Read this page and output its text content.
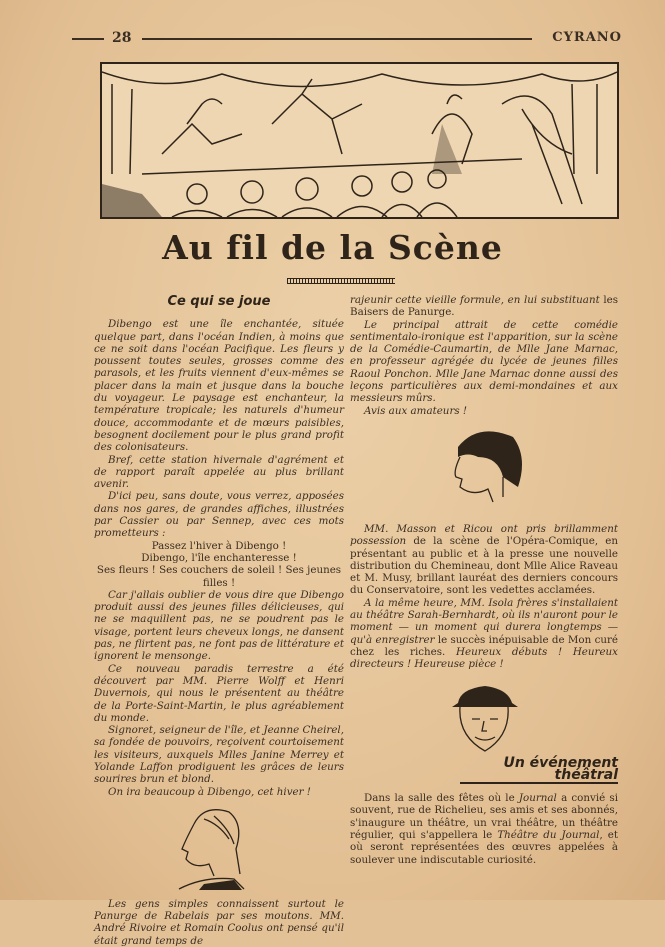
28	CYRANO
Au fil de la Scène
Ce qui se joue

Dibengo est une île enchantée, située quelque part, dans l'océan Indien, à moins que ce ne soit dans l'océan Pacifique. Les fleurs y poussent toutes seules, grosses comme des parasols, et les fruits viennent d'eux-mêmes se placer dans la main et jusque dans la bouche du voyageur. Le paysage est enchanteur, la température tropicale; les naturels d'humeur douce, accommodante et de mœurs paisibles, besognent docilement pour le plus grand profit des colonisateurs.

Bref, cette station hivernale d'agrément et de rapport paraît appelée au plus brillant avenir.

D'ici peu, sans doute, vous verrez, apposées dans nos gares, de grandes affiches, illustrées par Cassier ou par Sennep, avec ces mots prometteurs :

Passez l'hiver à Dibengo !

Dibengo, l'île enchanteresse !

Ses fleurs ! Ses couchers de soleil ! Ses jeunes filles !

Car j'allais oublier de vous dire que Dibengo produit aussi des jeunes filles délicieuses, qui ne se maquillent pas, ne se poudrent pas le visage, portent leurs cheveux longs, ne dansent pas, ne flirtent pas, ne font pas de littérature et ignorent le mensonge.

Ce nouveau paradis terrestre a été découvert par MM. Pierre Wolff et Henri Duvernois, qui nous le présentent au théâtre de la Porte-Saint-Martin, le plus agréablement du monde.

Signoret, seigneur de l'île, et Jeanne Cheirel, sa fondée de pouvoirs, reçoivent courtoisement les visiteurs, auxquels Mlles Janine Merrey et Yolande Laffon prodiguent les grâces de leurs sourires brun et blond.

On ira beaucoup à Dibengo, cet hiver !

Les gens simples connaissent surtout le Panurge de Rabelais par ses moutons. MM. André Rivoire et Romain Coolus ont pensé qu'il était grand temps de

rajeunir cette vieille formule, en lui substituant les Baisers de Panurge.

Le principal attrait de cette comédie sentimentalo-ironique est l'apparition, sur la scène de la Comédie-Caumartin, de Mlle Jane Marnac, en professeur agrégée du lycée de jeunes filles Raoul Ponchon. Mlle Jane Marnac donne aussi des leçons particulières aux demi-mondaines et aux messieurs mûrs.

Avis aux amateurs !

MM. Masson et Ricou ont pris brillamment possession de la scène de l'Opéra-Comique, en présentant au public et à la presse une nouvelle distribution du Chemineau, dont Mlle Alice Raveau et M. Musy, brillant lauréat des derniers concours du Conservatoire, sont les vedettes acclamées.

A la même heure, MM. Isola frères s'installaient au théâtre Sarah-Bernhardt, où ils n'auront pour le moment — un moment qui durera longtemps — qu'à enregistrer le succès inépuisable de Mon curé chez les riches. Heureux débuts ! Heureux directeurs ! Heureuse pièce !

Un événement théâtral

Dans la salle des fêtes où le Journal a convié si souvent, rue de Richelieu, ses amis et ses abonnés, s'inaugure un théâtre, un vrai théâtre, un théâtre régulier, qui s'appellera le Théâtre du Journal, et où seront représentées des œuvres appelées à soulever une indiscutable curiosité.
